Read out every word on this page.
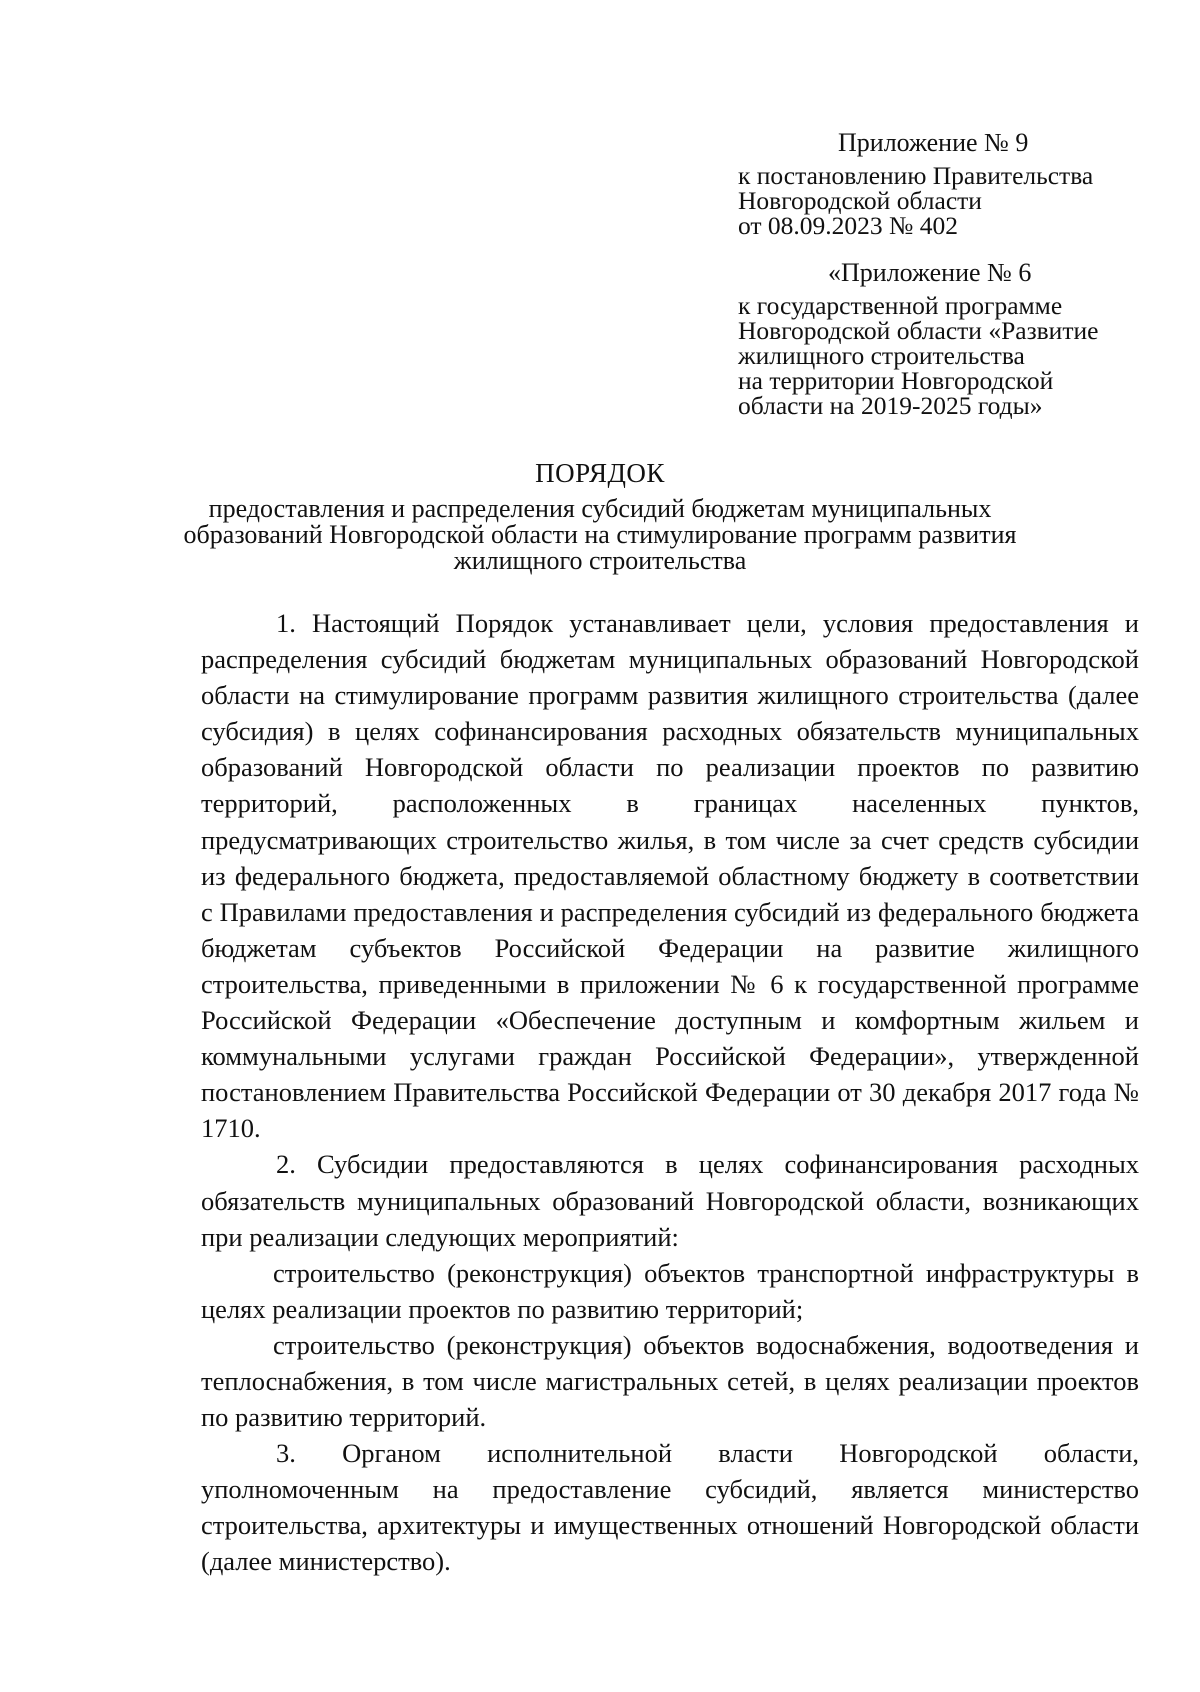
Приложение № 9
к постановлению Правительства
Новгородской области
от 08.09.2023 № 402
«Приложение № 6
к государственной программе
Новгородской области «Развитие
жилищного строительства
на территории Новгородской
области на 2019-2025 годы»
ПОРЯДОК
предоставления и распределения субсидий бюджетам муниципальных
образований Новгородской области на стимулирование программ развития
жилищного строительства

1. Настоящий Порядок устанавливает цели, условия предоставления и распределения субсидий бюджетам муниципальных образований Новгородской области на стимулирование программ развития жилищного строительства (далее субсидия) в целях софинансирования расходных обязательств муниципальных образований Новгородской области по реализации проектов по развитию территорий, расположенных в границах населенных пунктов, предусматривающих строительство жилья, в том числе за счет средств субсидии из федерального бюджета, предоставляемой областному бюджету в соответствии с Правилами предоставления и распределения субсидий из федерального бюджета бюджетам субъектов Российской Федерации на развитие жилищного строительства, приведенными в приложении № 6 к государственной программе Российской Федерации «Обеспечение доступным и комфортным жильем и коммунальными услугами граждан Российской Федерации», утвержденной постановлением Правительства Российской Федерации от 30 декабря 2017 года № 1710.

2. Субсидии предоставляются в целях софинансирования расходных обязательств муниципальных образований Новгородской области, возникающих при реализации следующих мероприятий:

строительство (реконструкция) объектов транспортной инфраструктуры в целях реализации проектов по развитию территорий;

строительство (реконструкция) объектов водоснабжения, водоотведения и теплоснабжения, в том числе магистральных сетей, в целях реализации проектов по развитию территорий.

3. Органом исполнительной власти Новгородской области, уполномоченным на предоставление субсидий, является министерство строительства, архитектуры и имущественных отношений Новгородской области (далее министерство).
